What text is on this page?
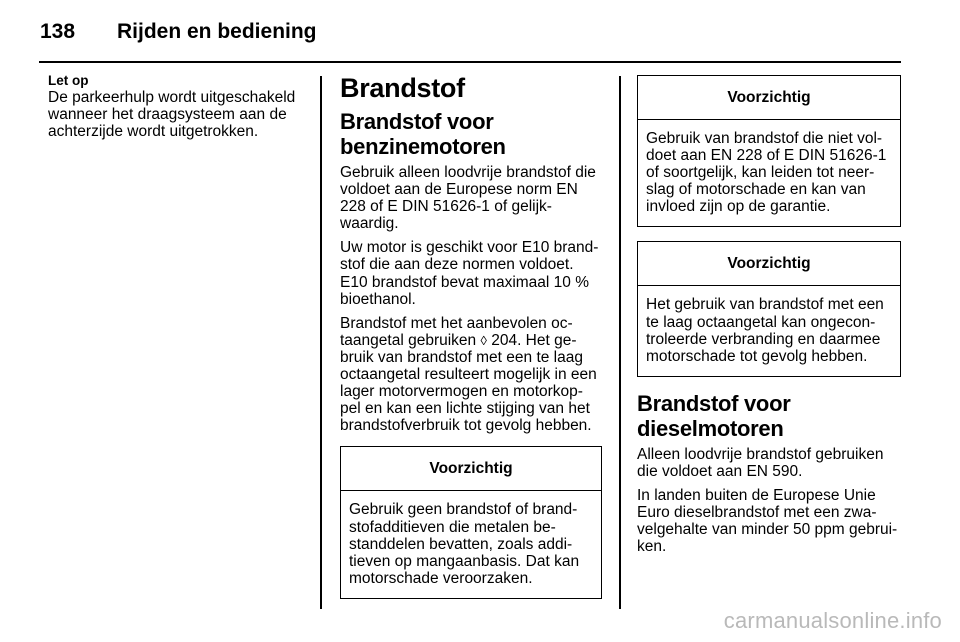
138 Rijden en bediening
Let op
De parkeerhulp wordt uitgeschakeld wanneer het draagsysteem aan de achterzijde wordt uitgetrokken.
Brandstof
Brandstof voor benzinemotoren

Gebruik alleen loodvrije brandstof die voldoet aan de Europese norm EN 228 of E DIN 51626-1 of gelijk-waardig.

Uw motor is geschikt voor E10 brand-stof die aan deze normen voldoet. E10 brandstof bevat maximaal 10 % bioethanol.

Brandstof met het aanbevolen oc-taangetal gebruiken ◊ 204. Het ge-bruik van brandstof met een te laag octaangetal resulteert mogelijk in een lager motorvermogen en motorkop-pel en kan een lichte stijging van het brandstofverbruik tot gevolg hebben.

Voorzichtig
Gebruik geen brandstof of brand-stofadditieven die metalen be-standdelen bevatten, zoals addi-tieven op mangaanbasis. Dat kan motorschade veroorzaken.
Voorzichtig
Gebruik van brandstof die niet vol-doet aan EN 228 of E DIN 51626-1 of soortgelijk, kan leiden tot neer-slag of motorschade en kan van invloed zijn op de garantie.
Voorzichtig
Het gebruik van brandstof met een te laag octaangetal kan ongecon-troleerde verbranding en daarmee motorschade tot gevolg hebben.
Brandstof voor dieselmotoren

Alleen loodvrije brandstof gebruiken die voldoet aan EN 590.

In landen buiten de Europese Unie Euro dieselbrandstof met een zwa-velgehalte van minder 50 ppm gebrui-ken.

carmanualsonline.info
